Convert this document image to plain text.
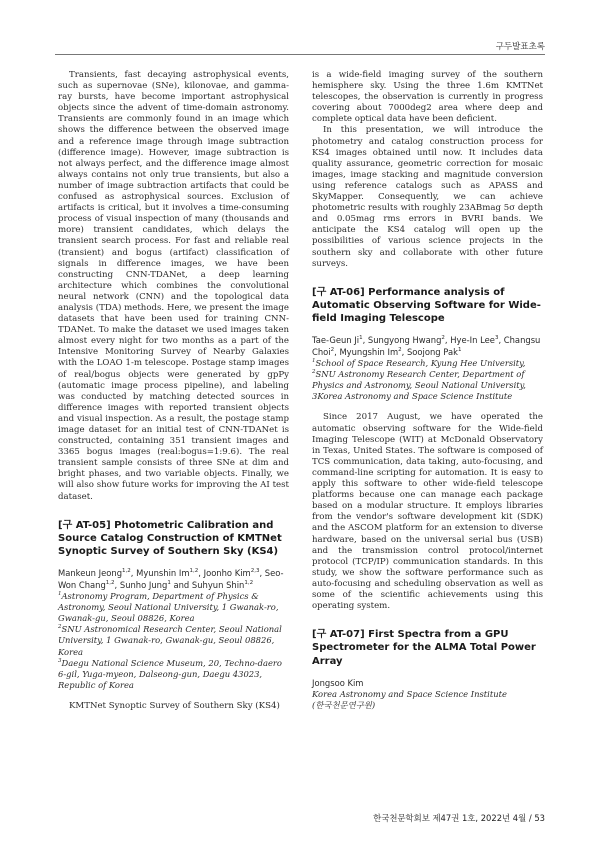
구두발표초록

Transients, fast decaying astrophysical events, such as supernovae (SNe), kilonovae, and gamma-ray bursts, have become important astrophysical objects since the advent of time-domain astronomy. Transients are commonly found in an image which shows the difference between the observed image and a reference image through image subtraction (difference image). However, image subtraction is not always perfect, and the difference image almost always contains not only true transients, but also a number of image subtraction artifacts that could be confused as astrophysical sources. Exclusion of artifacts is critical, but it involves a time-consuming process of visual inspection of many (thousands and more) transient candidates, which delays the transient search process. For fast and reliable real (transient) and bogus (artifact) classification of signals in difference images, we have been constructing CNN-TDANet, a deep learning architecture which combines the convolutional neural network (CNN) and the topological data analysis (TDA) methods. Here, we present the image datasets that have been used for training CNN-TDANet. To make the dataset we used images taken almost every night for two months as a part of the Intensive Monitoring Survey of Nearby Galaxies with the LOAO 1-m telescope. Postage stamp images of real/bogus objects were generated by gpPy (automatic image process pipeline), and labeling was conducted by matching detected sources in difference images with reported transient objects and visual inspection. As a result, the postage stamp image dataset for an initial test of CNN-TDANet is constructed, containing 351 transient images and 3365 bogus images (real:bogus=1:9.6). The real transient sample consists of three SNe at dim and bright phases, and two variable objects. Finally, we will also show future works for improving the AI test dataset.

[구 AT-05] Photometric Calibration and Source Catalog Construction of KMTNet Synoptic Survey of Southern Sky (KS4)

Mankeun Jeong$^{1,2}$, Myunshin Im$^{1,2}$, Joonho Kim$^{2,3}$, Seo-Won Chang$^{1,2}$, Sunho Jung$^1$ and Suhyun Shin$^{1,2}$

$^1$Astronomy Program, Department of Physics & Astronomy, Seoul National University, 1 Gwanak-ro, Gwanak-gu, Seoul 08826, Korea
$^2$SNU Astronomical Research Center, Seoul National University, 1 Gwanak-ro, Gwanak-gu, Seoul 08826, Korea
$^3$Daegu National Science Museum, 20, Techno-daero 6-gil, Yuga-myeon, Dalseong-gun, Daegu 43023, Republic of Korea

KMTNet Synoptic Survey of Southern Sky (KS4)

is a wide-field imaging survey of the southern hemisphere sky. Using the three 1.6m KMTNet telescopes, the observation is currently in progress covering about 7000deg2 area where deep and complete optical data have been deficient.

In this presentation, we will introduce the photometry and catalog construction process for KS4 images obtained until now. It includes data quality assurance, geometric correction for mosaic images, image stacking and magnitude conversion using reference catalogs such as APASS and SkyMapper. Consequently, we can achieve photometric results with roughly 23ABmag 5σ depth and 0.05mag rms errors in BVRI bands. We anticipate the KS4 catalog will open up the possibilities of various science projects in the southern sky and collaborate with other future surveys.

[구 AT-06] Performance analysis of Automatic Observing Software for Wide-field Imaging Telescope

Tae-Geun Ji$^1$, Sungyong Hwang$^2$, Hye-In Lee$^3$, Changsu Choi$^2$, Myungshin Im$^2$, Soojong Pak$^1$

$^1$School of Space Research, Kyung Hee University,
$^2$SNU Astronomy Research Center, Department of Physics and Astronomy, Seoul National University,
3Korea Astronomy and Space Science Institute

Since 2017 August, we have operated the automatic observing software for the Wide-field Imaging Telescope (WIT) at McDonald Observatory in Texas, United States. The software is composed of TCS communication, data taking, auto-focusing, and command-line scripting for automation. It is easy to apply this software to other wide-field telescope platforms because one can manage each package based on a modular structure. It employs libraries from the vendor's software development kit (SDK) and the ASCOM platform for an extension to diverse hardware, based on the universal serial bus (USB) and the transmission control protocol/internet protocol (TCP/IP) communication standards. In this study, we show the software performance such as auto-focusing and scheduling observation as well as some of the scientific achievements using this operating system.

[구 AT-07] First Spectra from a GPU Spectrometer for the ALMA Total Power Array

Jongsoo Kim

Korea Astronomy and Space Science Institute
(한국천문연구원)

한국천문학회보 제47권 1호, 2022년 4월 / 53
